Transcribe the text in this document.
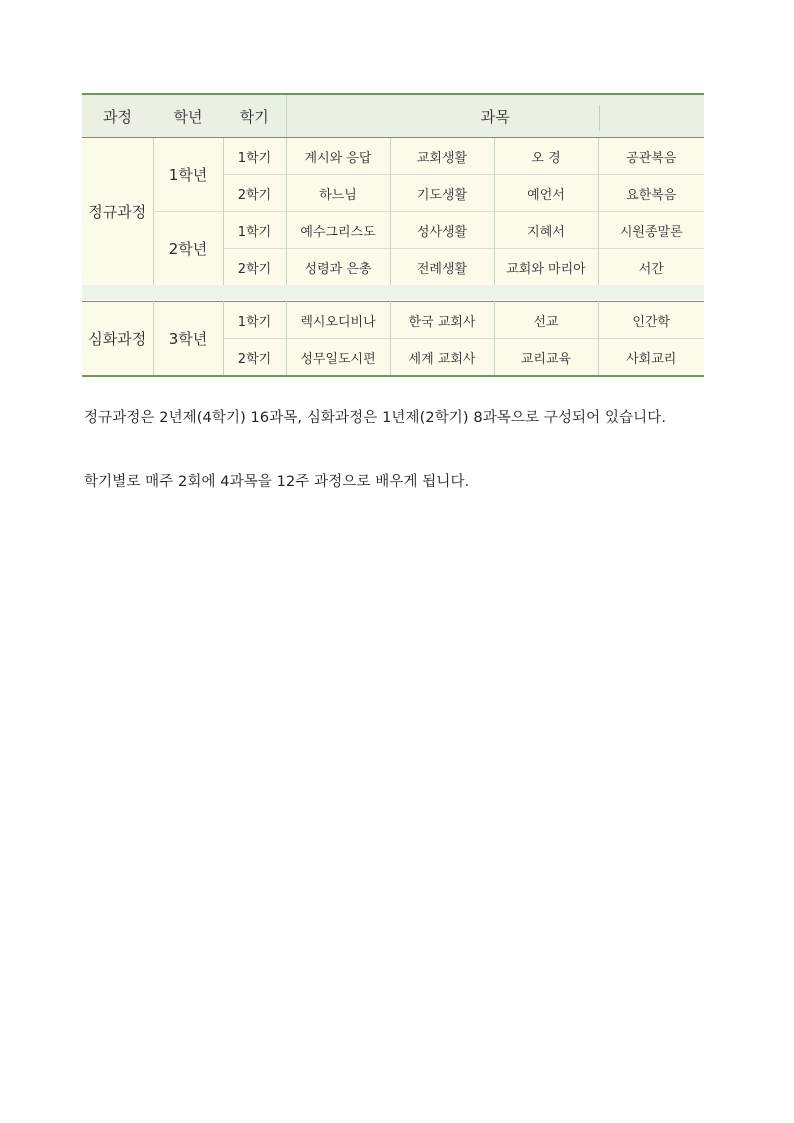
과정	학년	학기	과목			

정규과정	1학년	1학기	계시와 응답	교회생활	오 경	공관복음
		2학기	하느님	기도생활	예언서	요한복음
	2학년	1학기	예수그리스도	성사생활	지혜서	시원종말론
		2학기	성령과 은총	전례생활	교회와 마리아	서간
심화과정	3학년	1학기	렉시오디비나	한국 교회사	선교	인간학
		2학기	성무일도시편	세계 교회사	교리교육	사회교리
정규과정은 2년제(4학기) 16과목, 심화과정은 1년제(2학기) 8과목으로 구성되어 있습니다.
학기별로 매주 2회에 4과목을 12주 과정으로 배우게 됩니다.
